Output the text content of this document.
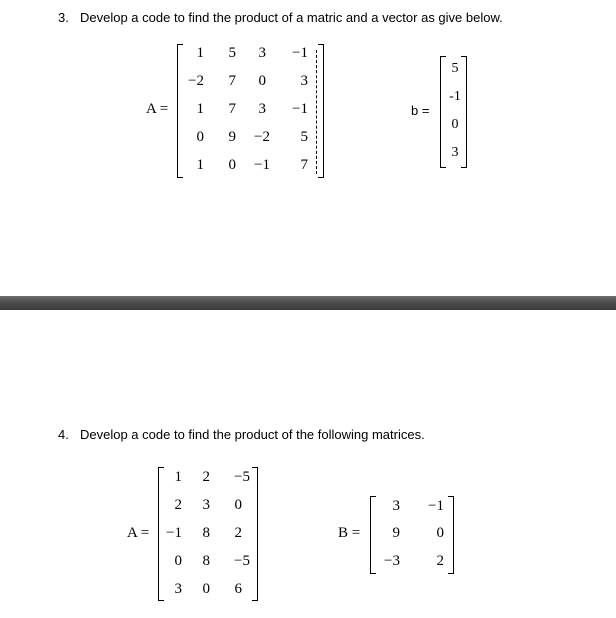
3. Develop a code to find the product of a matric and a vector as give below.
A =
1	5	3	−1
−2	7	0	3
1	7	3	−1
0	9	−2	5
1	0	−1	7
b =
5
-1
0
3
4. Develop a code to find the product of the following matrices.
A =
1	2	−5
2	3	0
−1	8	2
0	8	−5
3	0	6
B =
3	−1
9	0
−3	2
